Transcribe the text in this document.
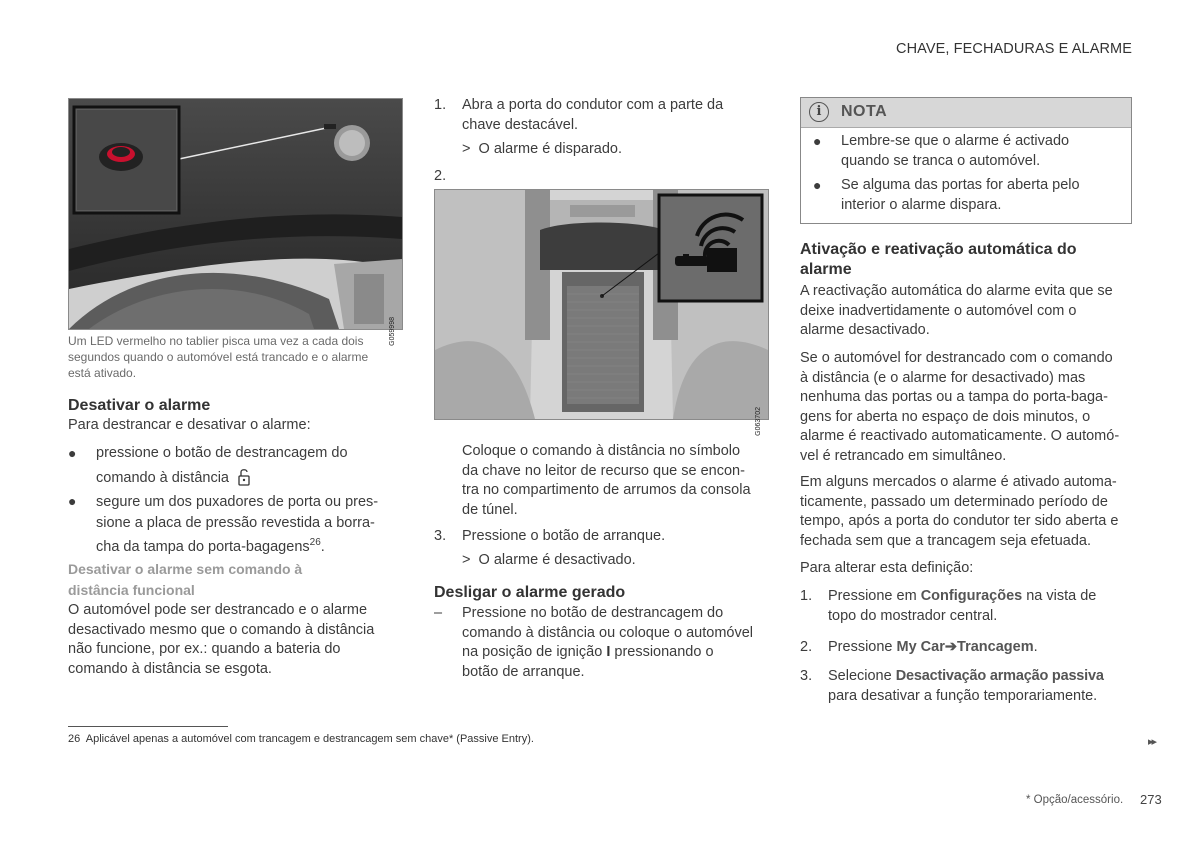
CHAVE, FECHADURAS E ALARME
G059998
Um LED vermelho no tablier pisca uma vez a cada dois
segundos quando o automóvel está trancado e o alarme
está ativado.
Desativar o alarme
Para destrancar e desativar o alarme:
● pressione o botão de destrancagem do
comando à distância
● segure um dos puxadores de porta ou pres-
sione a placa de pressão revestida a borra-
cha da tampa do porta-bagagens$^{26}$.
Desativar o alarme sem comando à
distância funcional
O automóvel pode ser destrancado e o alarme
desactivado mesmo que o comando à distância
não funcione, por ex.: quando a bateria do
comando à distância se esgota.
1. Abra a porta do condutor com a parte da
chave destacável.
> O alarme é disparado.
2.
G063702
Coloque o comando à distância no símbolo
da chave no leitor de recurso que se encon-
tra no compartimento de arrumos da consola
de túnel.
3. Pressione o botão de arranque.
> O alarme é desactivado.
Desligar o alarme gerado
– Pressione no botão de destrancagem do
comando à distância ou coloque o automóvel
na posição de ignição I pressionando o
botão de arranque.
i	NOTA
● Lembre-se que o alarme é activado
quando se tranca o automóvel.
● Se alguma das portas for aberta pelo
interior o alarme dispara.
Ativação e reativação automática do
alarme
A reactivação automática do alarme evita que se
deixe inadvertidamente o automóvel com o
alarme desactivado.
Se o automóvel for destrancado com o comando
à distância (e o alarme for desactivado) mas
nenhuma das portas ou a tampa do porta-baga-
gens for aberta no espaço de dois minutos, o
alarme é reactivado automaticamente. O automó-
vel é retrancado em simultâneo.
Em alguns mercados o alarme é ativado automa-
ticamente, passado um determinado período de
tempo, após a porta do condutor ter sido aberta e
fechada sem que a trancagem seja efetuada.
Para alterar esta definição:
1. Pressione em Configurações na vista de
topo do mostrador central.
2. Pressione My Car➔Trancagem.
3. Selecione Desactivação armação passiva
para desativar a função temporariamente.
26 Aplicável apenas a automóvel com trancagem e destrancagem sem chave* (Passive Entry).	▸▸
* Opção/acessório. 273
